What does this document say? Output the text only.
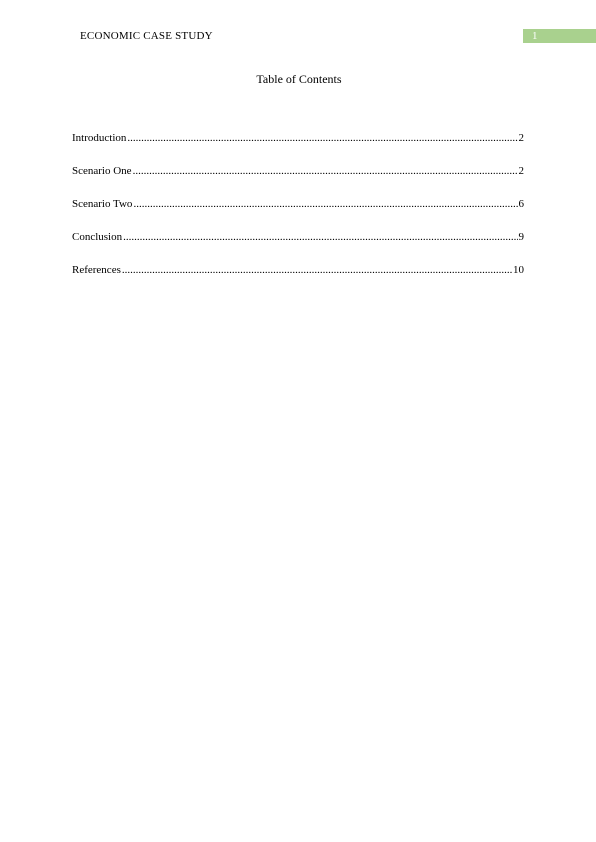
ECONOMIC CASE STUDY	1
Table of Contents
Introduction .....	2
Scenario One .....	2
Scenario Two .....	6
Conclusion .....	9
References .....	10
